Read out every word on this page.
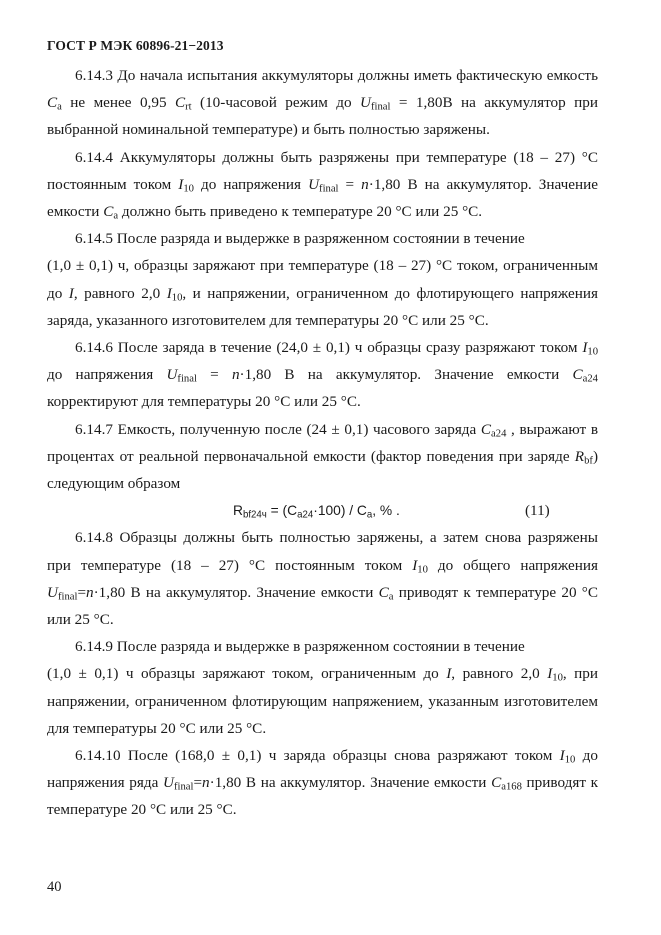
ГОСТ Р МЭК 60896-21−2013

6.14.3 До начала испытания аккумуляторы должны иметь фактическую емкость $C_a$ не менее 0,95 $C_{rt}$ (10-часовой режим до $U_{final} = 1,80В$ на аккумулятор при выбранной номинальной температуре) и быть полностью заряжены.

6.14.4 Аккумуляторы должны быть разряжены при температуре (18 – 27) °С постоянным током $I_{10}$ до напряжения $U_{final} = n\cdot 1,80$ В на аккумулятор. Значение емкости $C_a$ должно быть приведено к температуре 20 °С или 25 °С.

6.14.5 После разряда и выдержке в разряженном состоянии в течение

(1,0 ± 0,1) ч, образцы заряжают при температуре (18 – 27) °С током, ограниченным до I, равного 2,0 $I_{10}$, и напряжении, ограниченном до флотирующего напряжения заряда, указанного изготовителем для температуры 20 °С или 25 °С.

6.14.6 После заряда в течение (24,0 ± 0,1) ч образцы сразу разряжают током $I_{10}$ до напряжения $U_{final} = n\cdot 1,80$ В на аккумулятор. Значение емкости $C_{a24}$ корректируют для температуры 20 °С или 25 °С.

6.14.7 Емкость, полученную после (24 ± 0,1) часового заряда $C_{a24}$ , выражают в процентах от реальной первоначальной емкости (фактор поведения при заряде $R_{bf}$) следующим образом

$R_{bf24ч} = (C_{a24}\cdot 100) / C_a$, % .	(11)

6.14.8 Образцы должны быть полностью заряжены, а затем снова разряжены при температуре (18 – 27) °С постоянным током $I_{10}$ до общего напряжения $U_{final}=n\cdot 1,80$ В на аккумулятор. Значение емкости $C_a$ приводят к температуре 20 °С или 25 °С.

6.14.9 После разряда и выдержке в разряженном состоянии в течение

(1,0 ± 0,1) ч образцы заряжают током, ограниченным до I, равного 2,0 $I_{10}$, при напряжении, ограниченном флотирующим напряжением, указанным изготовителем для температуры 20 °С или 25 °С.

6.14.10 После (168,0 ± 0,1) ч заряда образцы снова разряжают током $I_{10}$ до напряжения ряда $U_{final}=n\cdot 1,80$ В на аккумулятор. Значение емкости $C_{a168}$ приводят к температуре 20 °С или 25 °С.

40
